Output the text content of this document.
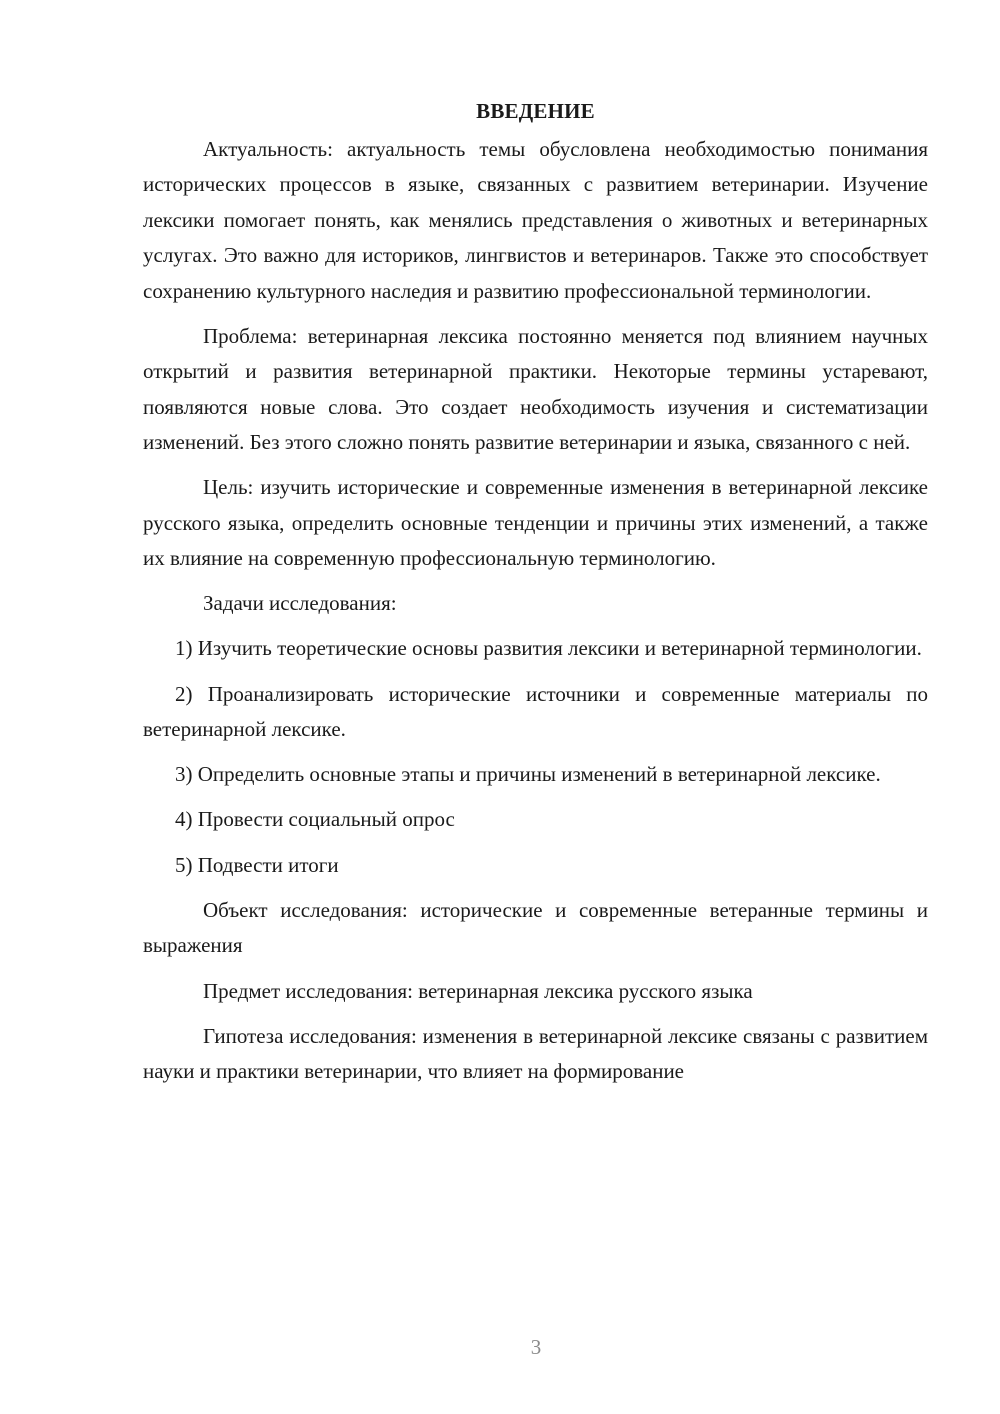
ВВЕДЕНИЕ

Актуальность: актуальность темы обусловлена необходимостью понимания исторических процессов в языке, связанных с развитием ветеринарии. Изучение лексики помогает понять, как менялись представления о животных и ветеринарных услугах. Это важно для историков, лингвистов и ветеринаров. Также это способствует сохранению культурного наследия и развитию профессиональной терминологии.

Проблема: ветеринарная лексика постоянно меняется под влиянием научных открытий и развития ветеринарной практики. Некоторые термины устаревают, появляются новые слова. Это создает необходимость изучения и систематизации изменений. Без этого сложно понять развитие ветеринарии и языка, связанного с ней.

Цель: изучить исторические и современные изменения в ветеринарной лексике русского языка, определить основные тенденции и причины этих изменений, а также их влияние на современную профессиональную терминологию.

Задачи исследования:

1) Изучить теоретические основы развития лексики и ветеринарной терминологии.

2) Проанализировать исторические источники и современные материалы по ветеринарной лексике.

3) Определить основные этапы и причины изменений в ветеринарной лексике.

4) Провести социальный опрос

5) Подвести итоги

Объект исследования: исторические и современные ветеранные термины и выражения

Предмет исследования: ветеринарная лексика русского языка

Гипотеза исследования: изменения в ветеринарной лексике связаны с развитием науки и практики ветеринарии, что влияет на формирование

3
